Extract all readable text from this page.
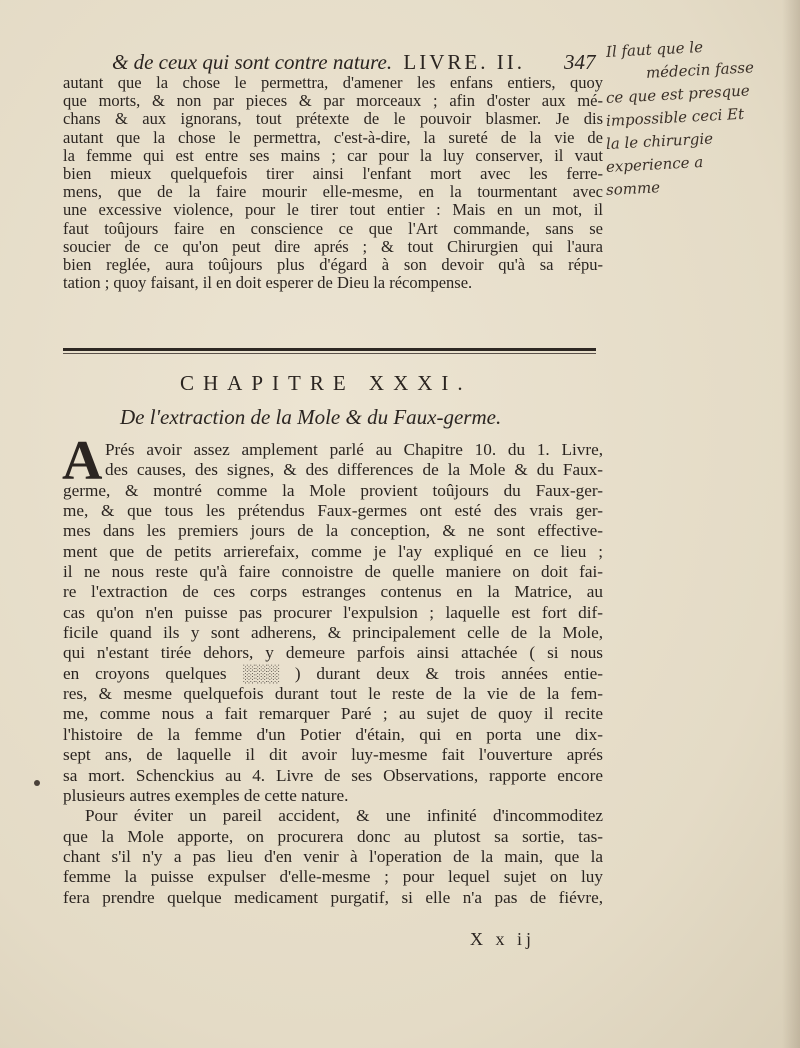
& de ceux qui sont contre nature. LIVRE. II. 347
Il faut que le
médecin fasse
ce que est presque
impossible ceci Et
la le chirurgie
experience a
somme
autant que la chose le permettra, d'amener les enfans entiers, quoy
que morts, & non par pieces & par morceaux ; afin d'oster aux mé-
chans & aux ignorans, tout prétexte de le pouvoir blasmer. Je dis
autant que la chose le permettra, c'est-à-dire, la sureté de la vie de
la femme qui est entre ses mains ; car pour la luy conserver, il vaut
bien mieux quelquefois tirer ainsi l'enfant mort avec les ferre-
mens, que de la faire mourir elle-mesme, en la tourmentant avec
une excessive violence, pour le tirer tout entier : Mais en un mot, il
faut toûjours faire en conscience ce que l'Art commande, sans se
soucier de ce qu'on peut dire aprés ; & tout Chirurgien qui l'aura
bien reglée, aura toûjours plus d'égard à son devoir qu'à sa répu-
tation ; quoy faisant, il en doit esperer de Dieu la récompense.
CHAPITRE XXXI.
De l'extraction de la Mole & du Faux-germe.
A Prés avoir assez amplement parlé au Chapitre 10. du 1. Livre,
des causes, des signes, & des differences de la Mole & du Faux-
germe, & montré comme la Mole provient toûjours du Faux-ger-
me, & que tous les prétendus Faux-germes ont esté des vrais ger-
mes dans les premiers jours de la conception, & ne sont effective-
ment que de petits arrierefaix, comme je l'ay expliqué en ce lieu ;
il ne nous reste qu'à faire connoistre de quelle maniere on doit fai-
re l'extraction de ces corps estranges contenus en la Matrice, au
cas qu'on n'en puisse pas procurer l'expulsion ; laquelle est fort dif-
ficile quand ils y sont adherens, & principalement celle de la Mole,
qui n'estant tirée dehors, y demeure parfois ainsi attachée ( si nous
en croyons quelques ░░░ ) durant deux & trois années entie-
res, & mesme quelquefois durant tout le reste de la vie de la fem-
me, comme nous a fait remarquer Paré ; au sujet de quoy il recite
l'histoire de la femme d'un Potier d'étain, qui en porta une dix-
sept ans, de laquelle il dit avoir luy-mesme fait l'ouverture aprés
sa mort. Schenckius au 4. Livre de ses Observations, rapporte encore
plusieurs autres exemples de cette nature.
Pour éviter un pareil accident, & une infinité d'incommoditez
que la Mole apporte, on procurera donc au plutost sa sortie, tas-
chant s'il n'y a pas lieu d'en venir à l'operation de la main, que la
femme la puisse expulser d'elle-mesme ; pour lequel sujet on luy
fera prendre quelque medicament purgatif, si elle n'a pas de fiévre,
X x ij
